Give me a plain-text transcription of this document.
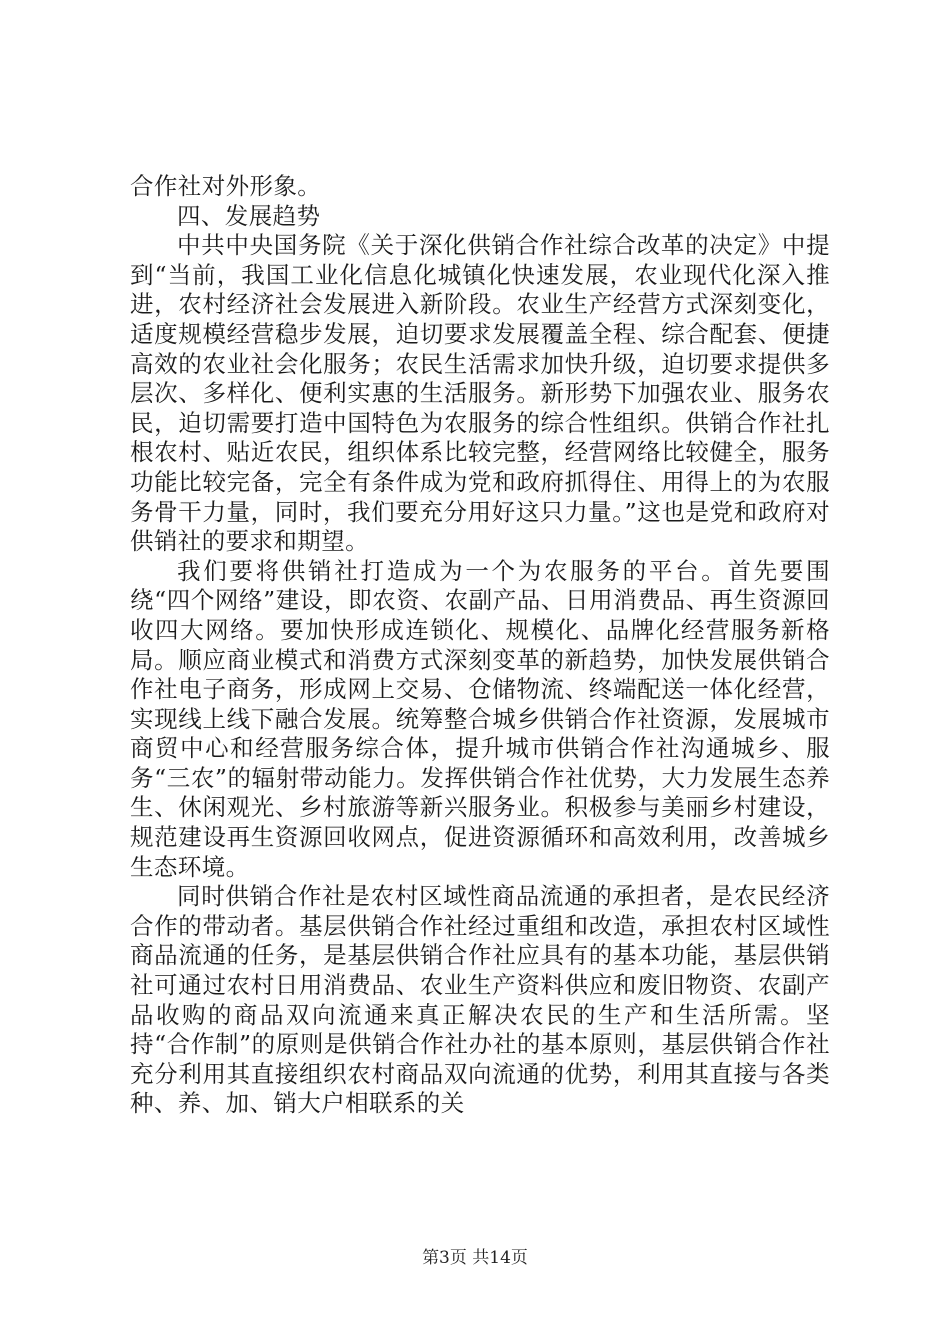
合作社对外形象。

四、发展趋势

中共中央国务院《关于深化供销合作社综合改革的决定》中提到“当前，我国工业化信息化城镇化快速发展，农业现代化深入推进，农村经济社会发展进入新阶段。农业生产经营方式深刻变化，适度规模经营稳步发展，迫切要求发展覆盖全程、综合配套、便捷高效的农业社会化服务；农民生活需求加快升级，迫切要求提供多层次、多样化、便利实惠的生活服务。新形势下加强农业、服务农民，迫切需要打造中国特色为农服务的综合性组织。供销合作社扎根农村、贴近农民，组织体系比较完整，经营网络比较健全，服务功能比较完备，完全有条件成为党和政府抓得住、用得上的为农服务骨干力量，同时，我们要充分用好这只力量。”这也是党和政府对供销社的要求和期望。

我们要将供销社打造成为一个为农服务的平台。首先要围绕“四个网络”建设，即农资、农副产品、日用消费品、再生资源回收四大网络。要加快形成连锁化、规模化、品牌化经营服务新格局。顺应商业模式和消费方式深刻变革的新趋势，加快发展供销合作社电子商务，形成网上交易、仓储物流、终端配送一体化经营，实现线上线下融合发展。统筹整合城乡供销合作社资源，发展城市商贸中心和经营服务综合体，提升城市供销合作社沟通城乡、服务“三农”的辐射带动能力。发挥供销合作社优势，大力发展生态养生、休闲观光、乡村旅游等新兴服务业。积极参与美丽乡村建设，规范建设再生资源回收网点，促进资源循环和高效利用，改善城乡生态环境。

同时供销合作社是农村区域性商品流通的承担者，是农民经济合作的带动者。基层供销合作社经过重组和改造，承担农村区域性商品流通的任务，是基层供销合作社应具有的基本功能，基层供销社可通过农村日用消费品、农业生产资料供应和废旧物资、农副产品收购的商品双向流通来真正解决农民的生产和生活所需。坚持“合作制”的原则是供销合作社办社的基本原则，基层供销合作社充分利用其直接组织农村商品双向流通的优势，利用其直接与各类种、养、加、销大户相联系的关

第3页 共14页
